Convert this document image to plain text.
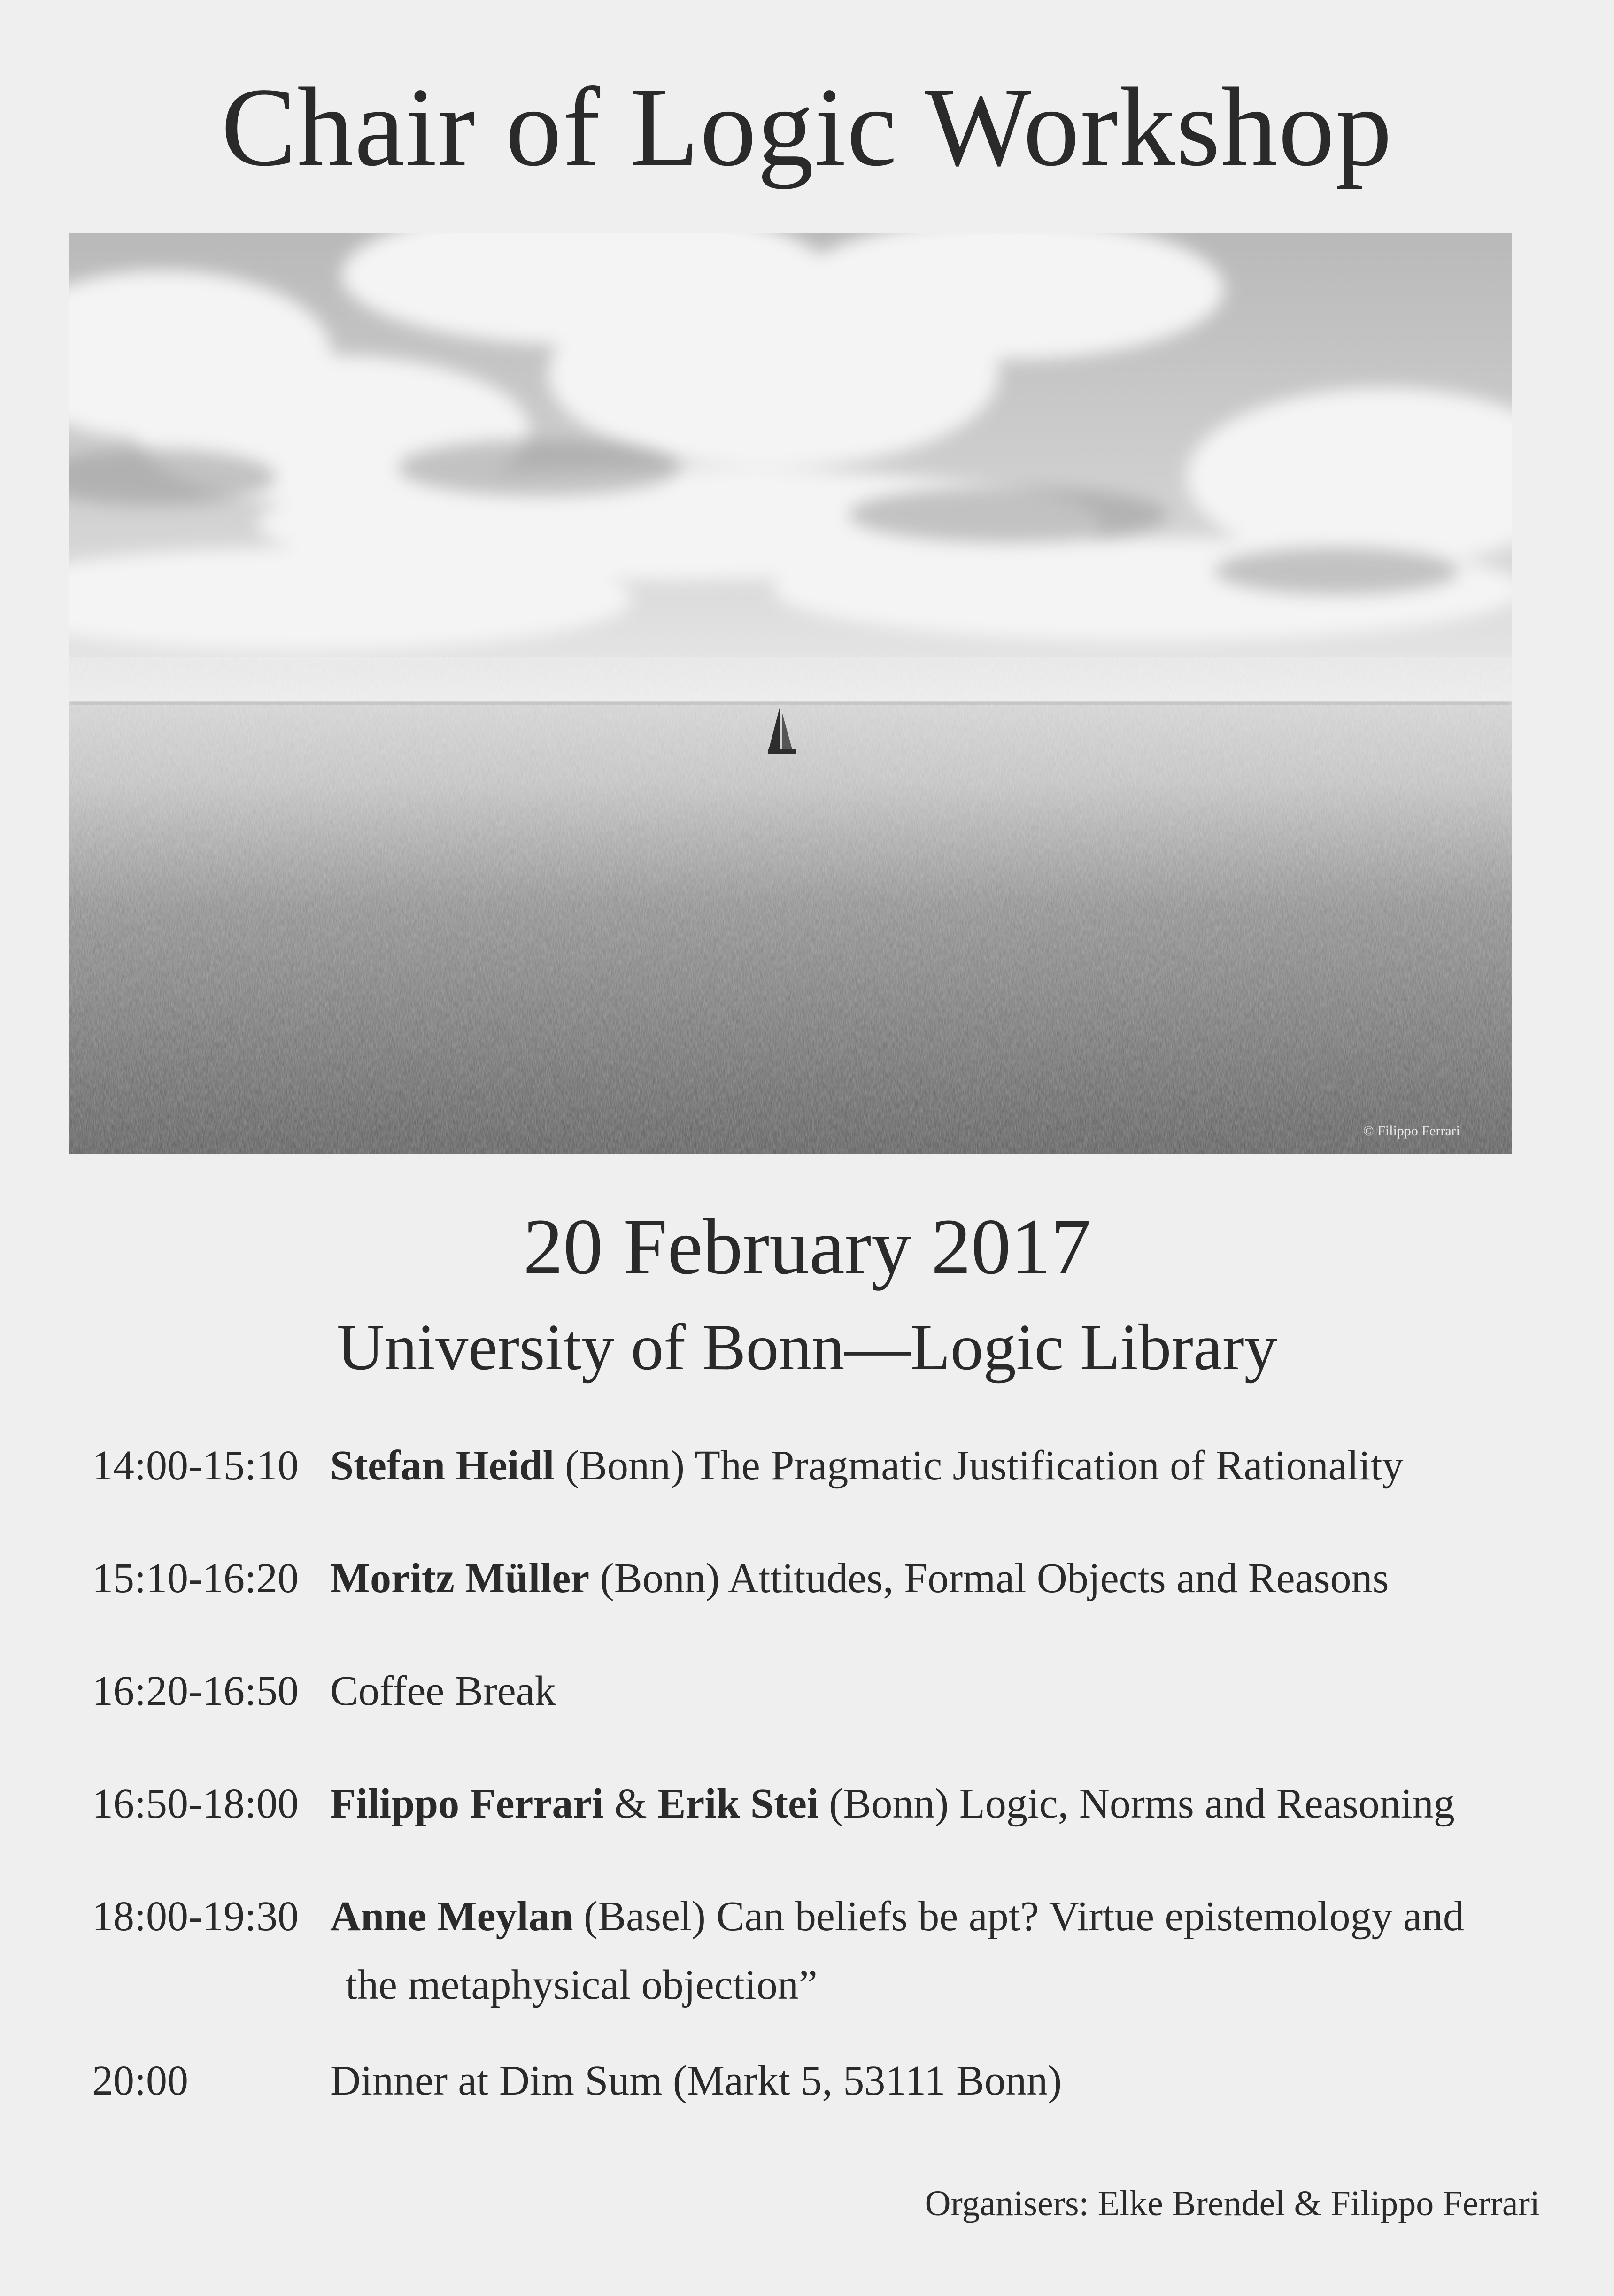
Chair of Logic Workshop
© Filippo Ferrari
20 February 2017
University of Bonn—Logic Library
14:00-15:10 Stefan Heidl (Bonn) The Pragmatic Justification of Rationality
15:10-16:20 Moritz Müller (Bonn) Attitudes, Formal Objects and Reasons
16:20-16:50 Coffee Break
16:50-18:00 Filippo Ferrari & Erik Stei (Bonn) Logic, Norms and Reasoning
18:00-19:30 Anne Meylan (Basel) Can beliefs be apt? Virtue epistemology and
the metaphysical objection”
20:00	Dinner at Dim Sum (Markt 5, 53111 Bonn)
Organisers: Elke Brendel & Filippo Ferrari
